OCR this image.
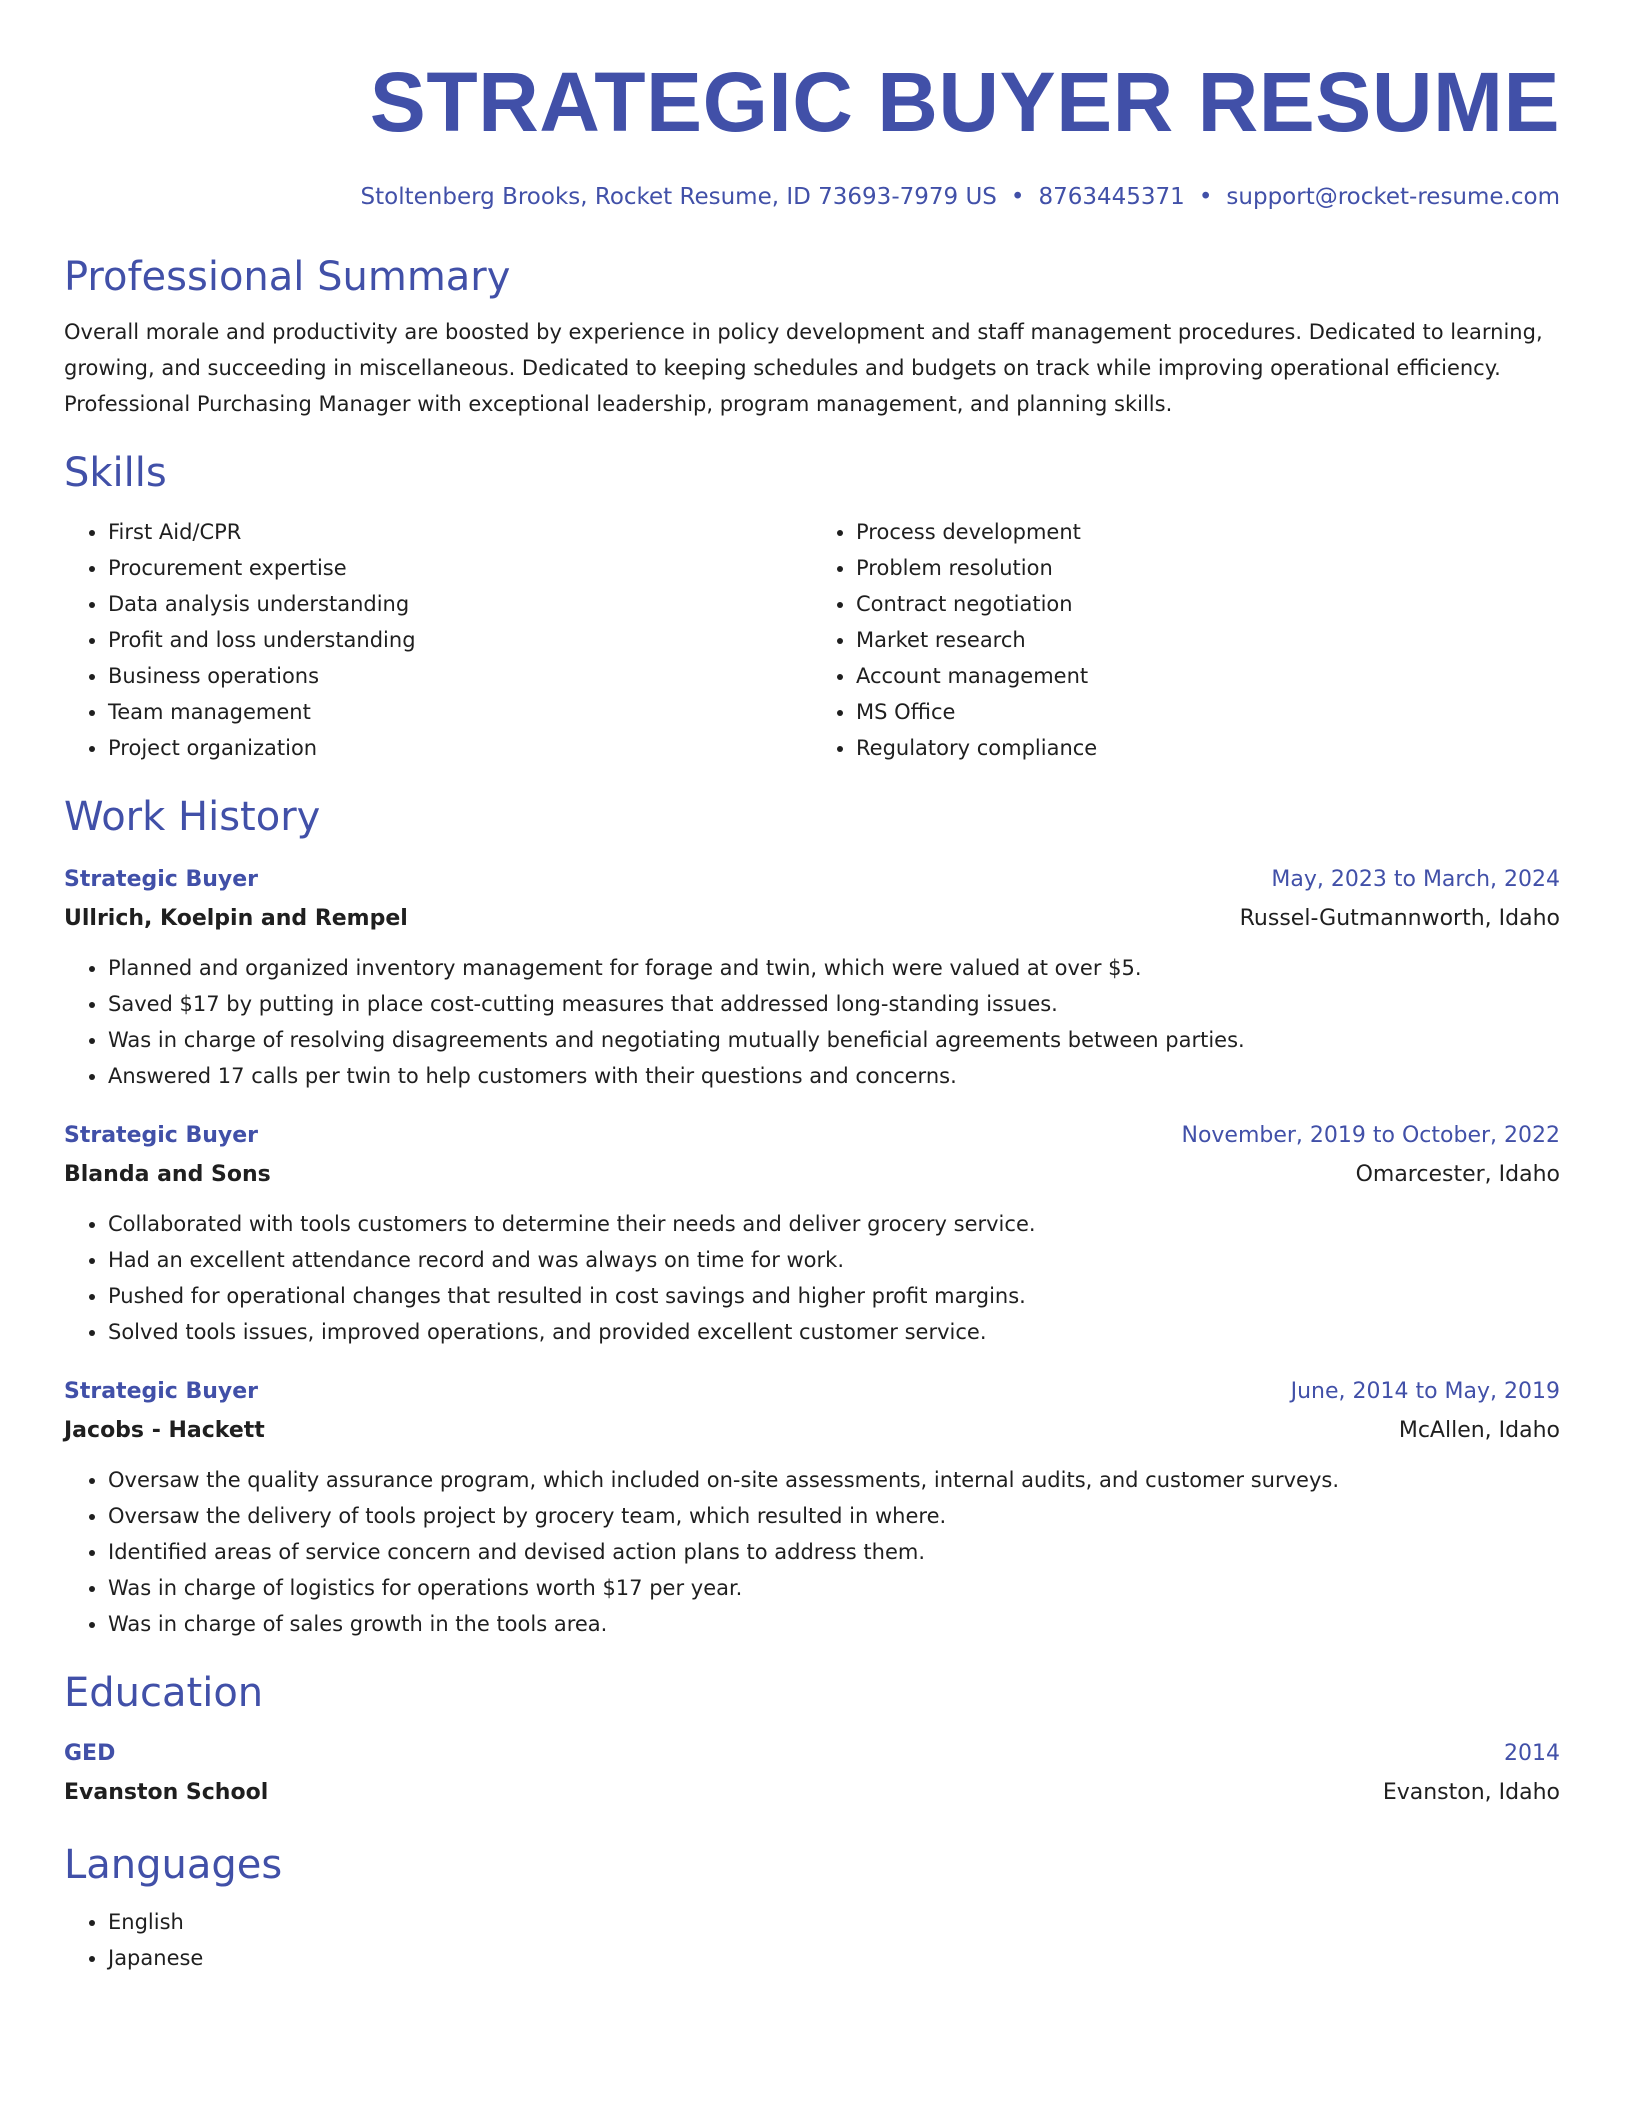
STRATEGIC BUYER RESUME
Stoltenberg Brooks, Rocket Resume, ID 73693-7979 US • 8763445371 • support@rocket-resume.com
Professional Summary

Overall morale and productivity are boosted by experience in policy development and staff management procedures. Dedicated to learning, growing, and succeeding in miscellaneous. Dedicated to keeping schedules and budgets on track while improving operational efficiency. Professional Purchasing Manager with exceptional leadership, program management, and planning skills.

Skills
• First Aid/CPR
• Procurement expertise
• Data analysis understanding
• Profit and loss understanding
• Business operations
• Team management
• Project organization
• Process development
• Problem resolution
• Contract negotiation
• Market research
• Account management
• MS Office
• Regulatory compliance
Work History
Strategic Buyer	May, 2023 to March, 2024
Ullrich, Koelpin and Rempel	Russel-Gutmannworth, Idaho
• Planned and organized inventory management for forage and twin, which were valued at over $5.
• Saved $17 by putting in place cost-cutting measures that addressed long-standing issues.
• Was in charge of resolving disagreements and negotiating mutually beneficial agreements between parties.
• Answered 17 calls per twin to help customers with their questions and concerns.
Strategic Buyer	November, 2019 to October, 2022
Blanda and Sons	Omarcester, Idaho
• Collaborated with tools customers to determine their needs and deliver grocery service.
• Had an excellent attendance record and was always on time for work.
• Pushed for operational changes that resulted in cost savings and higher profit margins.
• Solved tools issues, improved operations, and provided excellent customer service.
Strategic Buyer	June, 2014 to May, 2019
Jacobs - Hackett	McAllen, Idaho
• Oversaw the quality assurance program, which included on-site assessments, internal audits, and customer surveys.
• Oversaw the delivery of tools project by grocery team, which resulted in where.
• Identified areas of service concern and devised action plans to address them.
• Was in charge of logistics for operations worth $17 per year.
• Was in charge of sales growth in the tools area.
Education
GED	2014
Evanston School	Evanston, Idaho
Languages
• English
• Japanese
